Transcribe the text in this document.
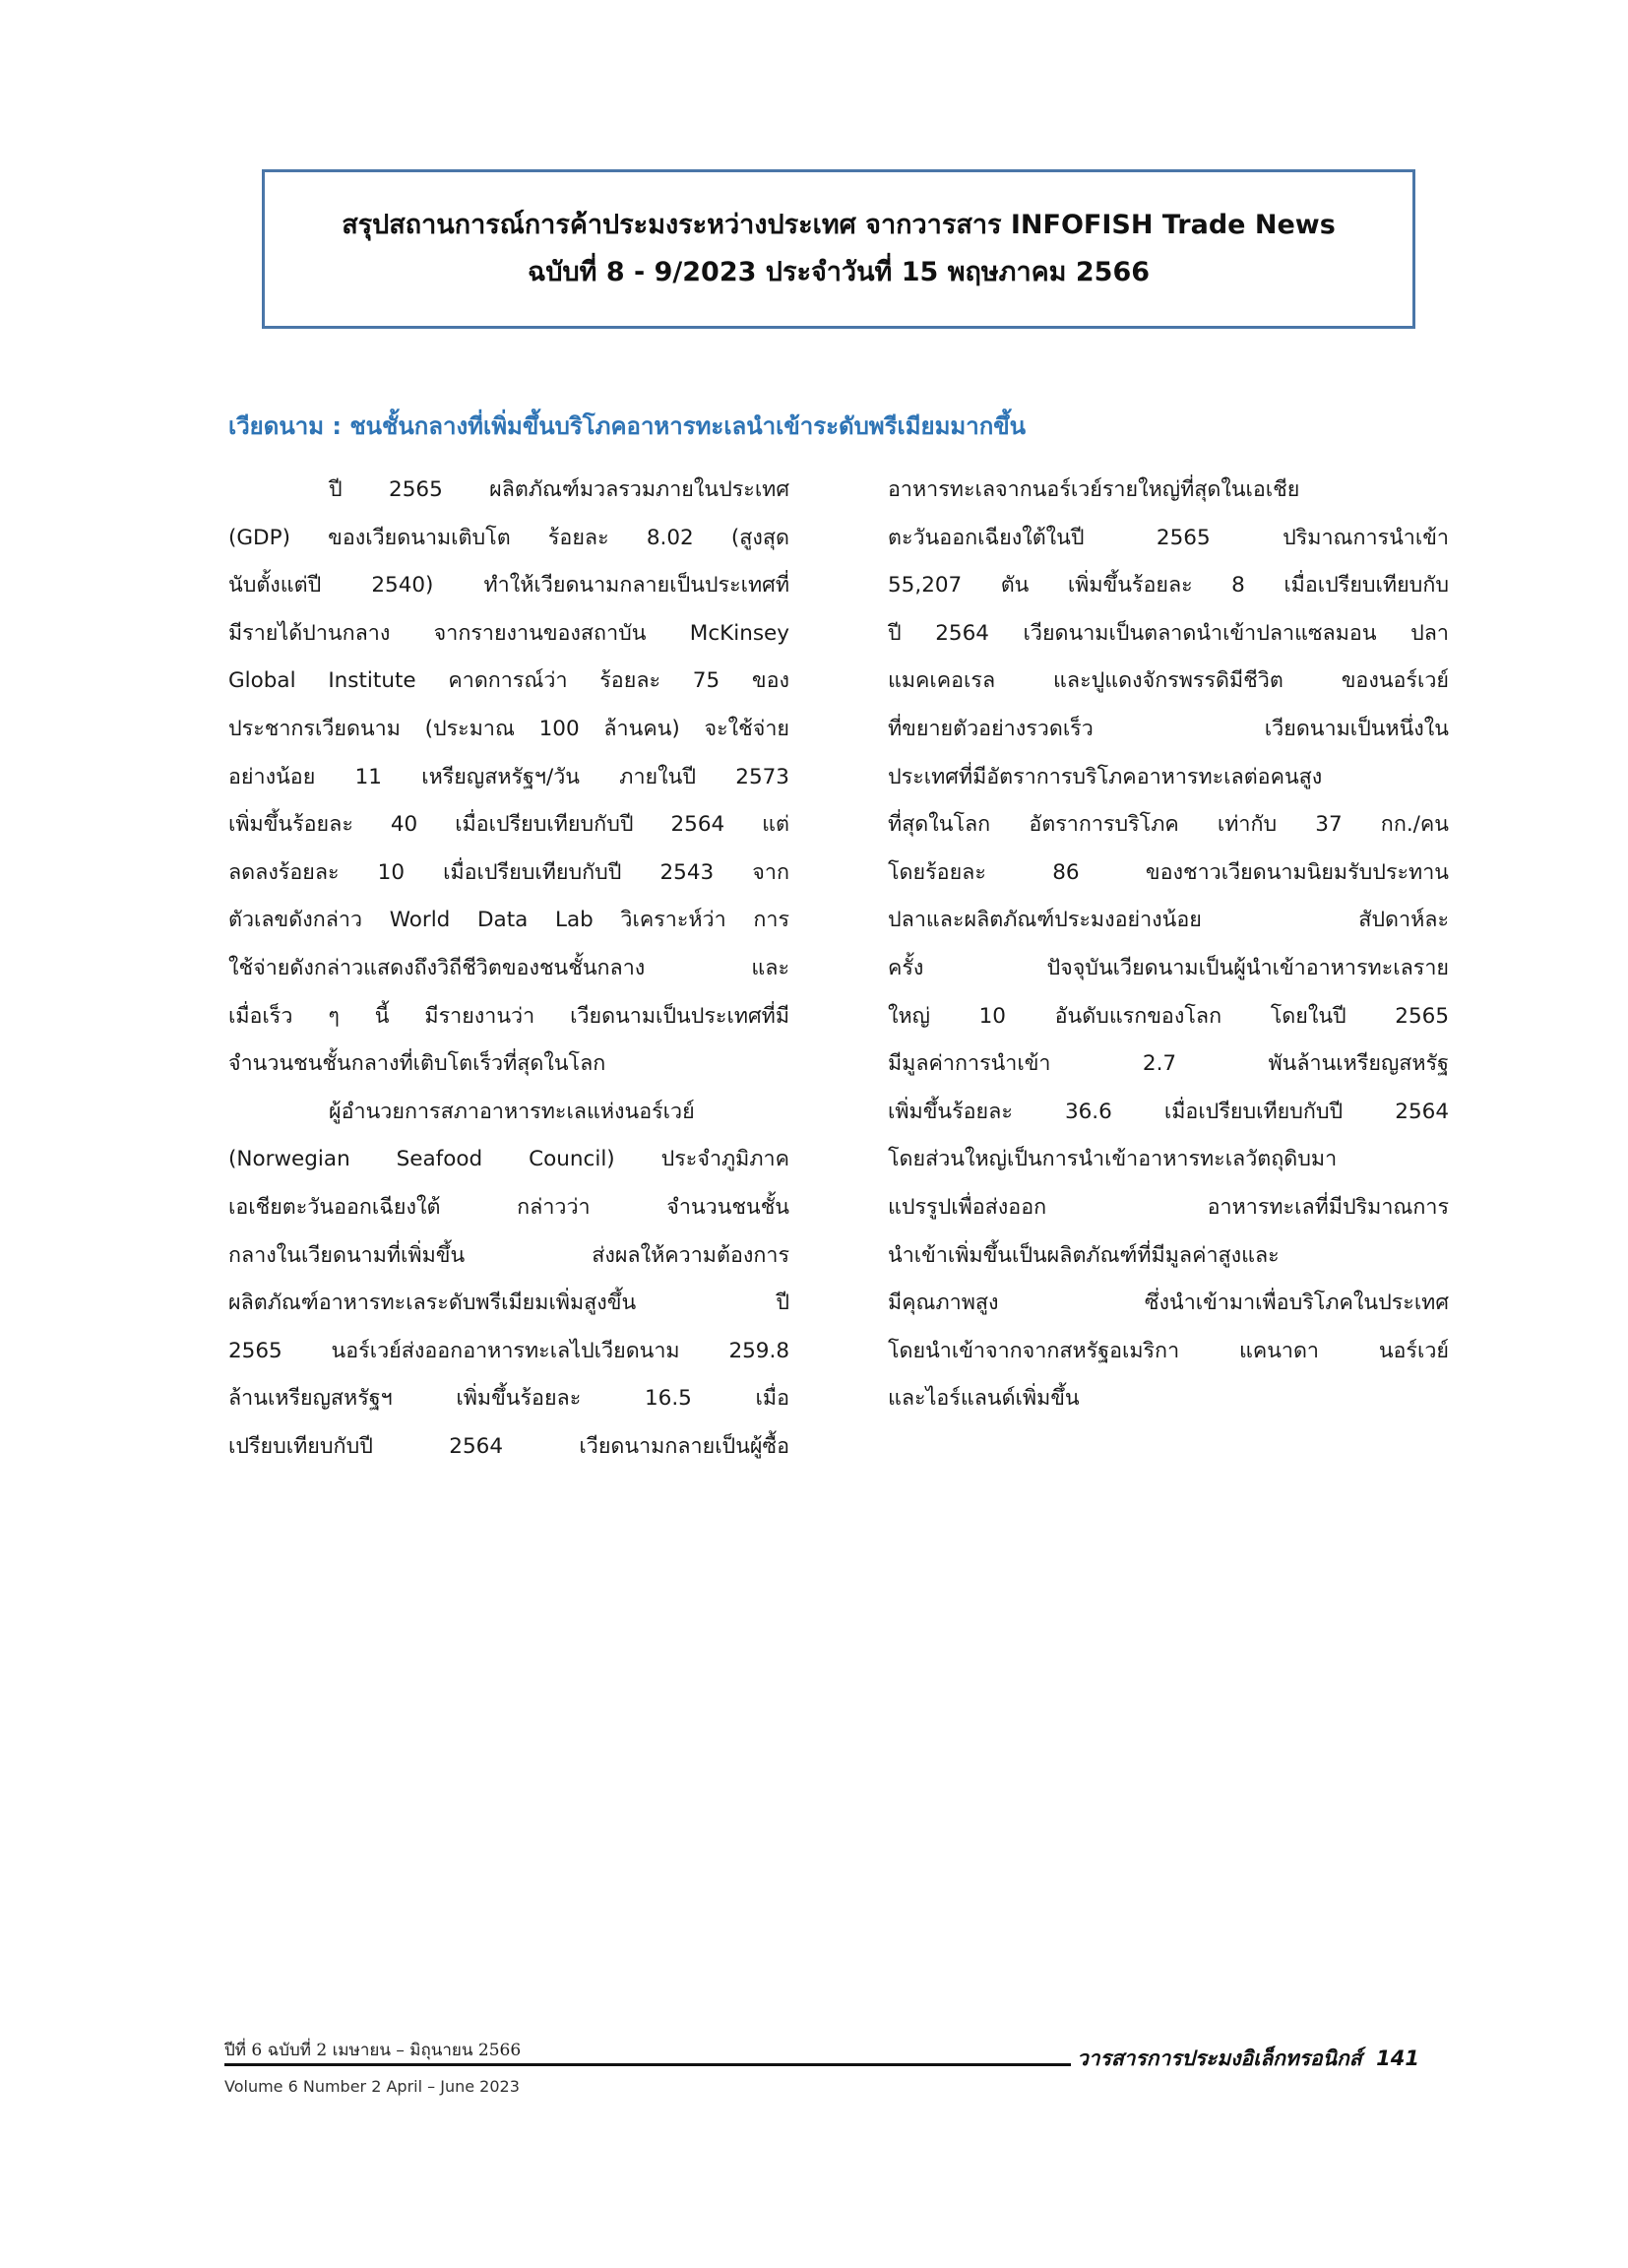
สรุปสถานการณ์การค้าประมงระหว่างประเทศ จากวารสาร INFOFISH Trade News
ฉบับที่ 8 - 9/2023 ประจำวันที่ 15 พฤษภาคม 2566
เวียดนาม : ชนชั้นกลางที่เพิ่มขึ้นบริโภคอาหารทะเลนำเข้าระดับพรีเมียมมากขึ้น
ปี 2565 ผลิตภัณฑ์มวลรวมภายในประเทศ
(GDP) ของเวียดนามเติบโต ร้อยละ 8.02 (สูงสุด
นับตั้งแต่ปี 2540) ทำให้เวียดนามกลายเป็นประเทศที่
มีรายได้ปานกลาง จากรายงานของสถาบัน McKinsey
Global Institute คาดการณ์ว่า ร้อยละ 75 ของ
ประชากรเวียดนาม (ประมาณ 100 ล้านคน) จะใช้จ่าย
อย่างน้อย 11 เหรียญสหรัฐฯ/วัน ภายในปี 2573
เพิ่มขึ้นร้อยละ 40 เมื่อเปรียบเทียบกับปี 2564 แต่
ลดลงร้อยละ 10 เมื่อเปรียบเทียบกับปี 2543 จาก
ตัวเลขดังกล่าว World Data Lab วิเคราะห์ว่า การ
ใช้จ่ายดังกล่าวแสดงถึงวิถีชีวิตของชนชั้นกลาง และ
เมื่อเร็ว ๆ นี้ มีรายงานว่า เวียดนามเป็นประเทศที่มี
จำนวนชนชั้นกลางที่เติบโตเร็วที่สุดในโลก
ผู้อำนวยการสภาอาหารทะเลแห่งนอร์เวย์
(Norwegian Seafood Council) ประจำภูมิภาค
เอเชียตะวันออกเฉียงใต้ กล่าวว่า จำนวนชนชั้น
กลางในเวียดนามที่เพิ่มขึ้น ส่งผลให้ความต้องการ
ผลิตภัณฑ์อาหารทะเลระดับพรีเมียมเพิ่มสูงขึ้น ปี
2565 นอร์เวย์ส่งออกอาหารทะเลไปเวียดนาม 259.8
ล้านเหรียญสหรัฐฯ เพิ่มขึ้นร้อยละ 16.5 เมื่อ
เปรียบเทียบกับปี 2564 เวียดนามกลายเป็นผู้ซื้อ
อาหารทะเลจากนอร์เวย์รายใหญ่ที่สุดในเอเชีย
ตะวันออกเฉียงใต้ในปี 2565 ปริมาณการนำเข้า
55,207 ตัน เพิ่มขึ้นร้อยละ 8 เมื่อเปรียบเทียบกับ
ปี 2564 เวียดนามเป็นตลาดนำเข้าปลาแซลมอน ปลา
แมคเคอเรล และปูแดงจักรพรรดิมีชีวิต ของนอร์เวย์
ที่ขยายตัวอย่างรวดเร็ว เวียดนามเป็นหนึ่งใน
ประเทศที่มีอัตราการบริโภคอาหารทะเลต่อคนสูง
ที่สุดในโลก อัตราการบริโภค เท่ากับ 37 กก./คน
โดยร้อยละ 86 ของชาวเวียดนามนิยมรับประทาน
ปลาและผลิตภัณฑ์ประมงอย่างน้อย สัปดาห์ละ
ครั้ง ปัจจุบันเวียดนามเป็นผู้นำเข้าอาหารทะเลราย
ใหญ่ 10 อันดับแรกของโลก โดยในปี 2565
มีมูลค่าการนำเข้า 2.7 พันล้านเหรียญสหรัฐ
เพิ่มขึ้นร้อยละ 36.6 เมื่อเปรียบเทียบกับปี 2564
โดยส่วนใหญ่เป็นการนำเข้าอาหารทะเลวัตถุดิบมา
แปรรูปเพื่อส่งออก อาหารทะเลที่มีปริมาณการ
นำเข้าเพิ่มขึ้นเป็นผลิตภัณฑ์ที่มีมูลค่าสูงและ
มีคุณภาพสูง ซึ่งนำเข้ามาเพื่อบริโภคในประเทศ
โดยนำเข้าจากจากสหรัฐอเมริกา แคนาดา นอร์เวย์
และไอร์แลนด์เพิ่มขึ้น
ปีที่ 6 ฉบับที่ 2 เมษายน – มิถุนายน 2566	วารสารการประมงอิเล็กทรอนิกส์ 141
Volume 6 Number 2 April – June 2023
